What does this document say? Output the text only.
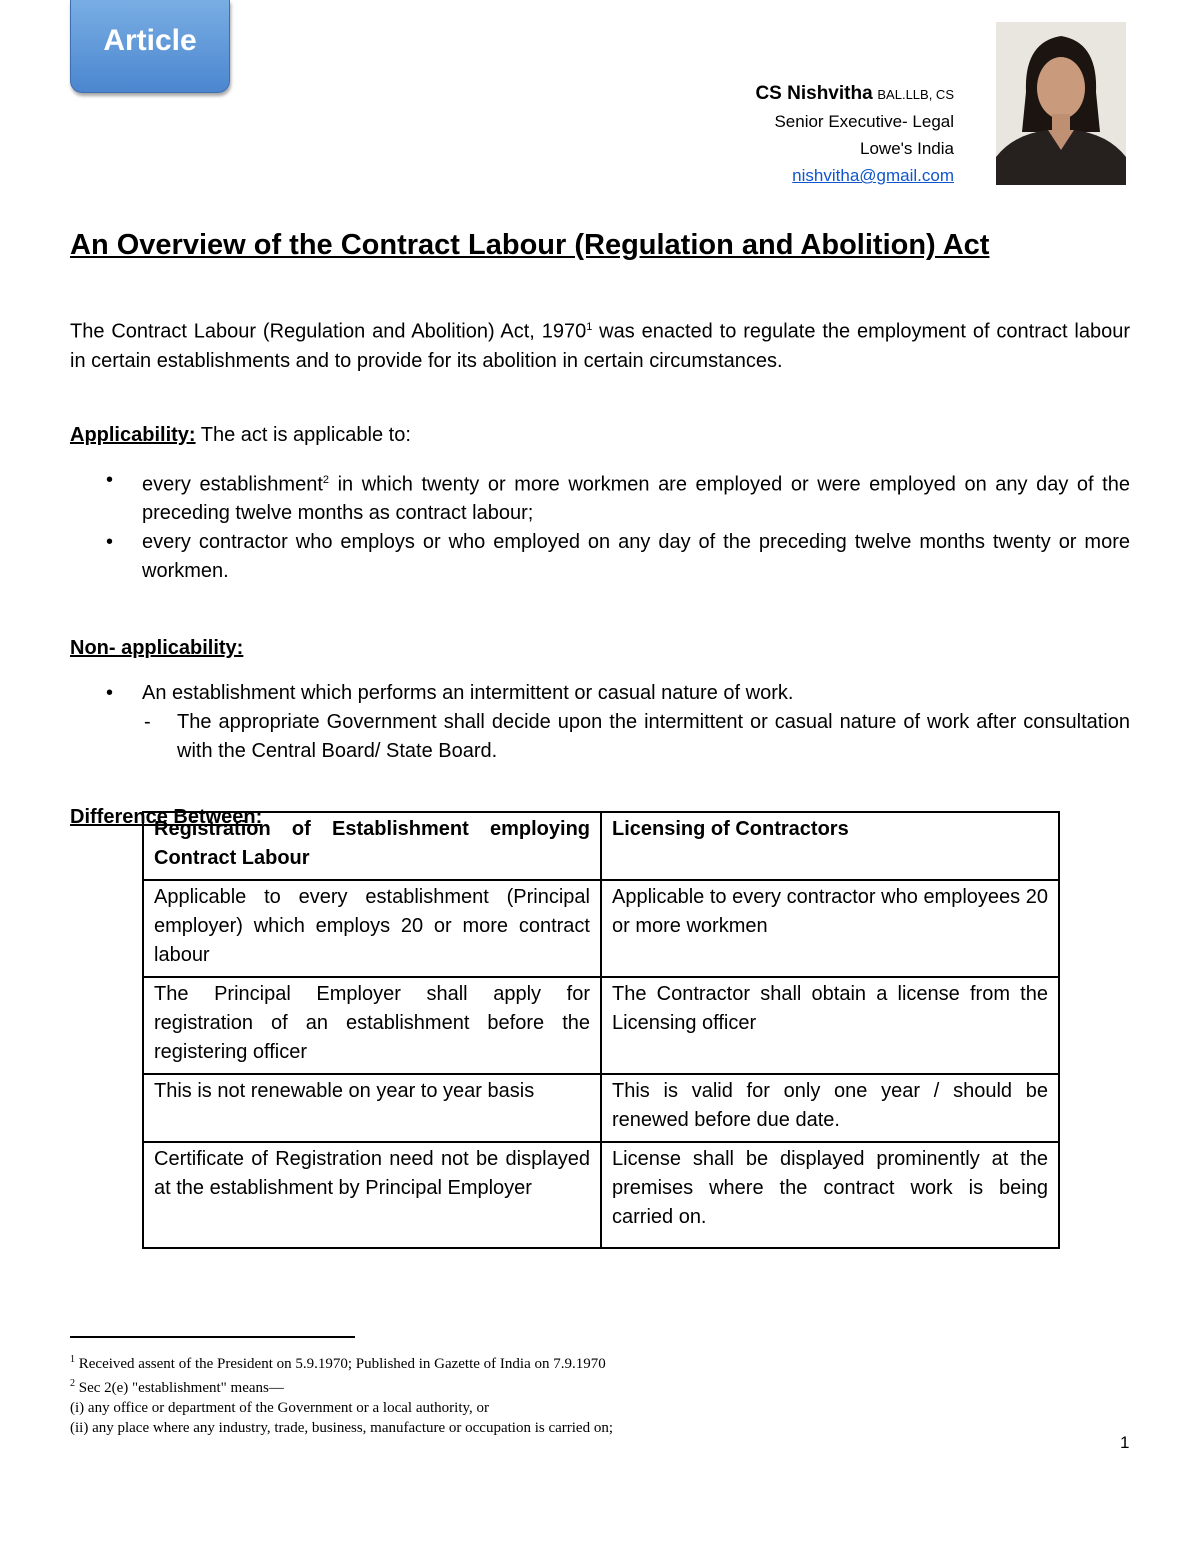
Article
CS Nishvitha BAL.LLB, CS
Senior Executive- Legal
Lowe's India
nishvitha@gmail.com
An Overview of the Contract Labour (Regulation and Abolition) Act

The Contract Labour (Regulation and Abolition) Act, 1970$^1$ was enacted to regulate the employment of contract labour in certain establishments and to provide for its abolition in certain circumstances.

Applicability: The act is applicable to:

• every establishment$^2$ in which twenty or more workmen are employed or were employed on any day of the preceding twelve months as contract labour;
• every contractor who employs or who employed on any day of the preceding twelve months twenty or more workmen.

Non- applicability:

• An establishment which performs an intermittent or casual nature of work.
- The appropriate Government shall decide upon the intermittent or casual nature of work after consultation with the Central Board/ State Board.

Difference Between:

Registration of Establishment employing Contract Labour	Licensing of Contractors
Applicable to every establishment (Principal employer) which employs 20 or more contract labour	Applicable to every contractor who employees 20 or more workmen
The Principal Employer shall apply for registration of an establishment before the registering officer	The Contractor shall obtain a license from the Licensing officer
This is not renewable on year to year basis	This is valid for only one year / should be renewed before due date.
Certificate of Registration need not be displayed at the establishment by Principal Employer	License shall be displayed prominently at the premises where the contract work is being carried on.
$^1$ Received assent of the President on 5.9.1970; Published in Gazette of India on 7.9.1970
$^2$ Sec 2(e) "establishment" means—
(i) any office or department of the Government or a local authority, or
(ii) any place where any industry, trade, business, manufacture or occupation is carried on;
1
